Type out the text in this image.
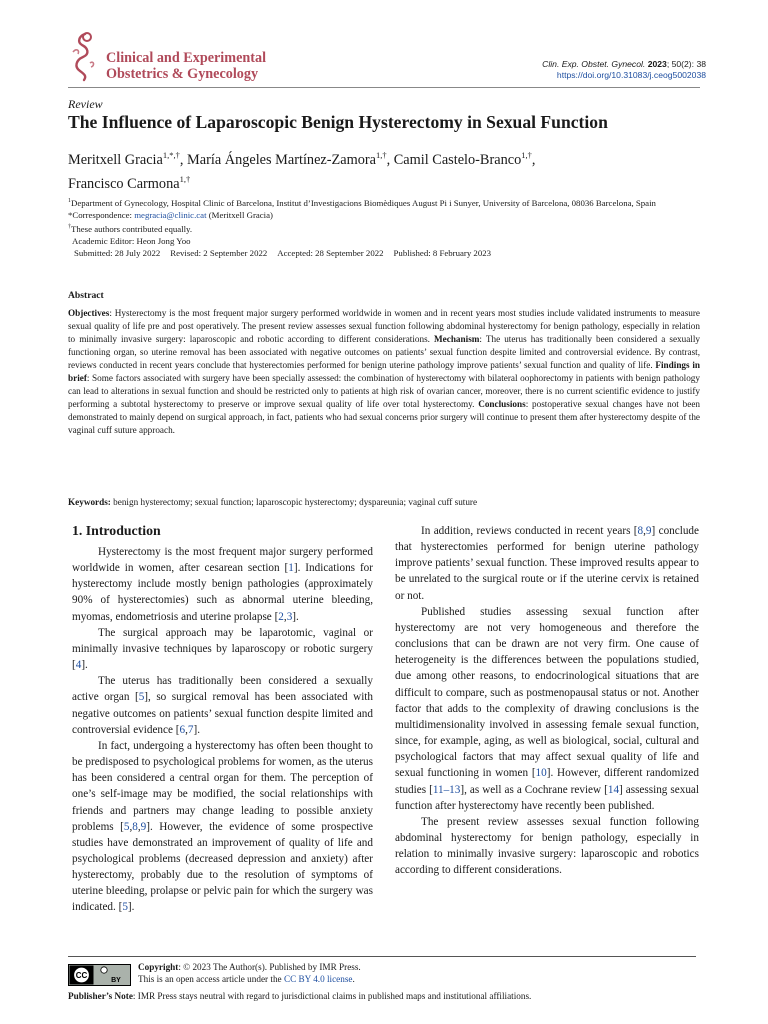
Clinical and Experimental
Obstetrics & Gynecology
Clin. Exp. Obstet. Gynecol. 2023; 50(2): 38
https://doi.org/10.31083/j.ceog5002038
Review
The Influence of Laparoscopic Benign Hysterectomy in Sexual Function
Meritxell Gracia$^{1,*,\dagger}$, María Ángeles Martínez-Zamora$^{1,\dagger}$, Camil Castelo-Branco$^{1,\dagger}$,
Francisco Carmona$^{1,\dagger}$
$^1$Department of Gynecology, Hospital Clinic of Barcelona, Institut d’Investigacions Biomèdiques August Pi i Sunyer, University of Barcelona, 08036 Barcelona, Spain
*Correspondence: megracia@clinic.cat (Meritxell Gracia)
†These authors contributed equally.
Academic Editor: Heon Jong Yoo
Submitted: 28 July 2022 Revised: 2 September 2022 Accepted: 28 September 2022 Published: 8 February 2023
Abstract
Objectives: Hysterectomy is the most frequent major surgery performed worldwide in women and in recent years most studies include validated instruments to measure sexual quality of life pre and post operatively. The present review assesses sexual function following abdominal hysterectomy for benign pathology, especially in relation to minimally invasive surgery: laparoscopic and robotic according to different considerations. Mechanism: The uterus has traditionally been considered a sexually functioning organ, so uterine removal has been associated with negative outcomes on patients’ sexual function despite limited and controversial evidence. By contrast, reviews conducted in recent years conclude that hysterectomies performed for benign uterine pathology improve patients’ sexual function and quality of life. Findings in brief: Some factors associated with surgery have been specially assessed: the combination of hysterectomy with bilateral oophorectomy in patients with benign pathology can lead to alterations in sexual function and should be restricted only to patients at high risk of ovarian cancer, moreover, there is no current scientific evidence to justify performing a subtotal hysterectomy to preserve or improve sexual quality of life over total hysterectomy. Conclusions: postoperative sexual changes have not been demonstrated to mainly depend on surgical approach, in fact, patients who had sexual concerns prior surgery will continue to present them after hysterectomy despite of the vaginal cuff suture approach.
Keywords: benign hysterectomy; sexual function; laparoscopic hysterectomy; dyspareunia; vaginal cuff suture
1. Introduction

Hysterectomy is the most frequent major surgery performed worldwide in women, after cesarean section [1]. Indications for hysterectomy include mostly benign pathologies (approximately 90% of hysterectomies) such as abnormal uterine bleeding, myomas, endometriosis and uterine prolapse [2,3].

The surgical approach may be laparotomic, vaginal or minimally invasive techniques by laparoscopy or robotic surgery [4].

The uterus has traditionally been considered a sexually active organ [5], so surgical removal has been associated with negative outcomes on patients’ sexual function despite limited and controversial evidence [6,7].

In fact, undergoing a hysterectomy has often been thought to be predisposed to psychological problems for women, as the uterus has been considered a central organ for them. The perception of one’s self-image may be modified, the social relationships with friends and partners may change leading to possible anxiety problems [5,8,9]. However, the evidence of some prospective studies have demonstrated an improvement of quality of life and psychological problems (decreased depression and anxiety) after hysterectomy, probably due to the resolution of symptoms of uterine bleeding, prolapse or pelvic pain for which the surgery was indicated. [5].

In addition, reviews conducted in recent years [8,9] conclude that hysterectomies performed for benign uterine pathology improve patients’ sexual function. These improved results appear to be unrelated to the surgical route or if the uterine cervix is retained or not.

Published studies assessing sexual function after hysterectomy are not very homogeneous and therefore the conclusions that can be drawn are not very firm. One cause of heterogeneity is the differences between the populations studied, due among other reasons, to endocrinological situations that are difficult to compare, such as postmenopausal status or not. Another factor that adds to the complexity of drawing conclusions is the multidimensionality involved in assessing female sexual function, since, for example, aging, as well as biological, social, cultural and psychological factors that may affect sexual quality of life and sexual functioning in women [10]. However, different randomized studies [11–13], as well as a Cochrane review [14] assessing sexual function after hysterectomy have recently been published.

The present review assesses sexual function following abdominal hysterectomy for benign pathology, especially in relation to minimally invasive surgery: laparoscopic and robotics according to different considerations.

CC
BY
Copyright: © 2023 The Author(s). Published by IMR Press.
This is an open access article under the CC BY 4.0 license.
Publisher’s Note: IMR Press stays neutral with regard to jurisdictional claims in published maps and institutional affiliations.
